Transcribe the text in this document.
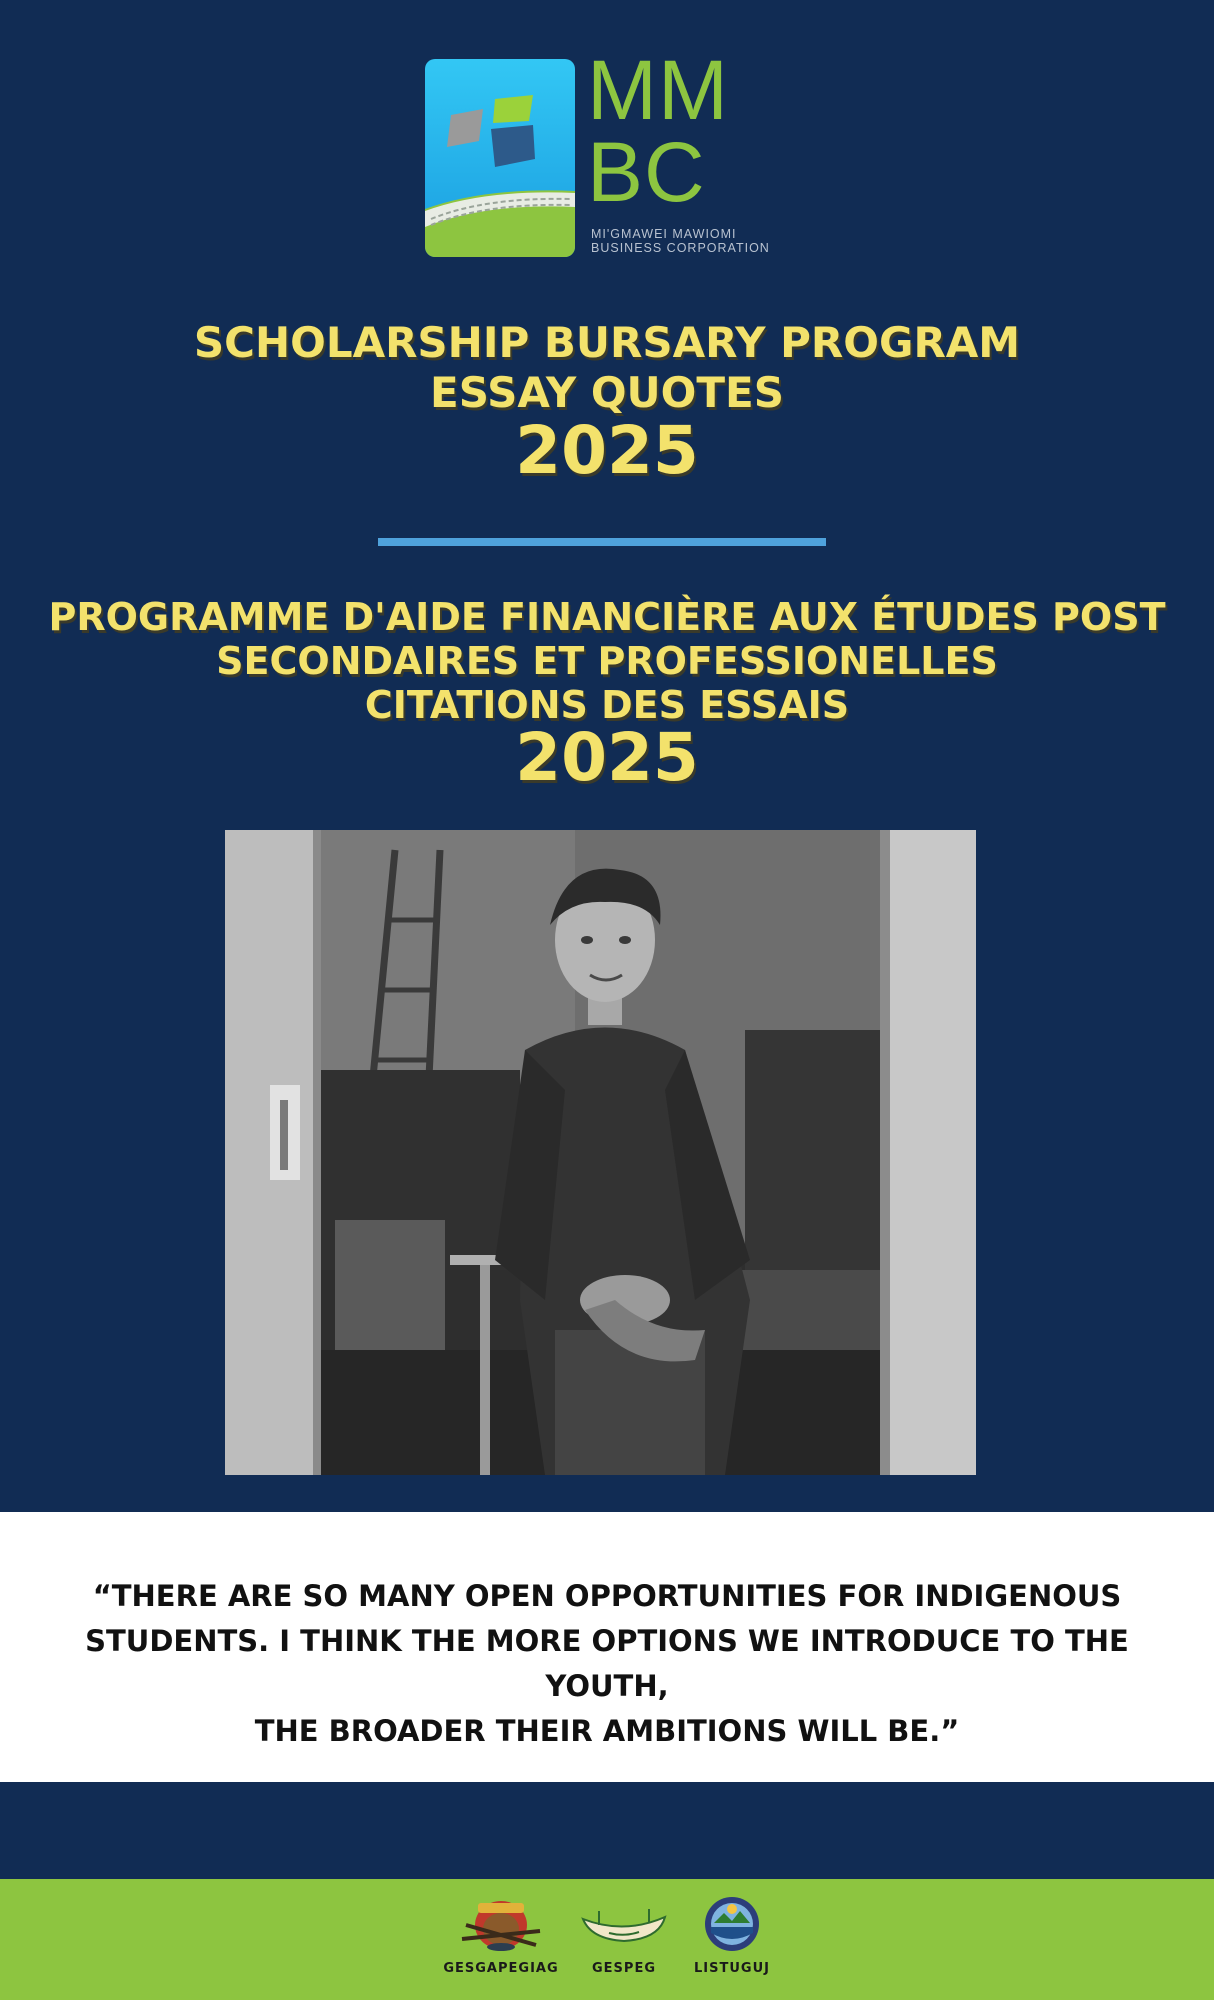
MM
BC
MI'GMAWEI MAWIOMI
BUSINESS CORPORATION
SCHOLARSHIP BURSARY PROGRAM
ESSAY QUOTES
2025
PROGRAMME D'AIDE FINANCIÈRE AUX ÉTUDES POST
SECONDAIRES ET PROFESSIONELLES
CITATIONS DES ESSAIS
2025
“THERE ARE SO MANY OPEN OPPORTUNITIES FOR INDIGENOUS
STUDENTS. I THINK THE MORE OPTIONS WE INTRODUCE TO THE YOUTH,
THE BROADER THEIR AMBITIONS WILL BE.”
GESGAPEGIAG	GESPEG	LISTUGUJ
